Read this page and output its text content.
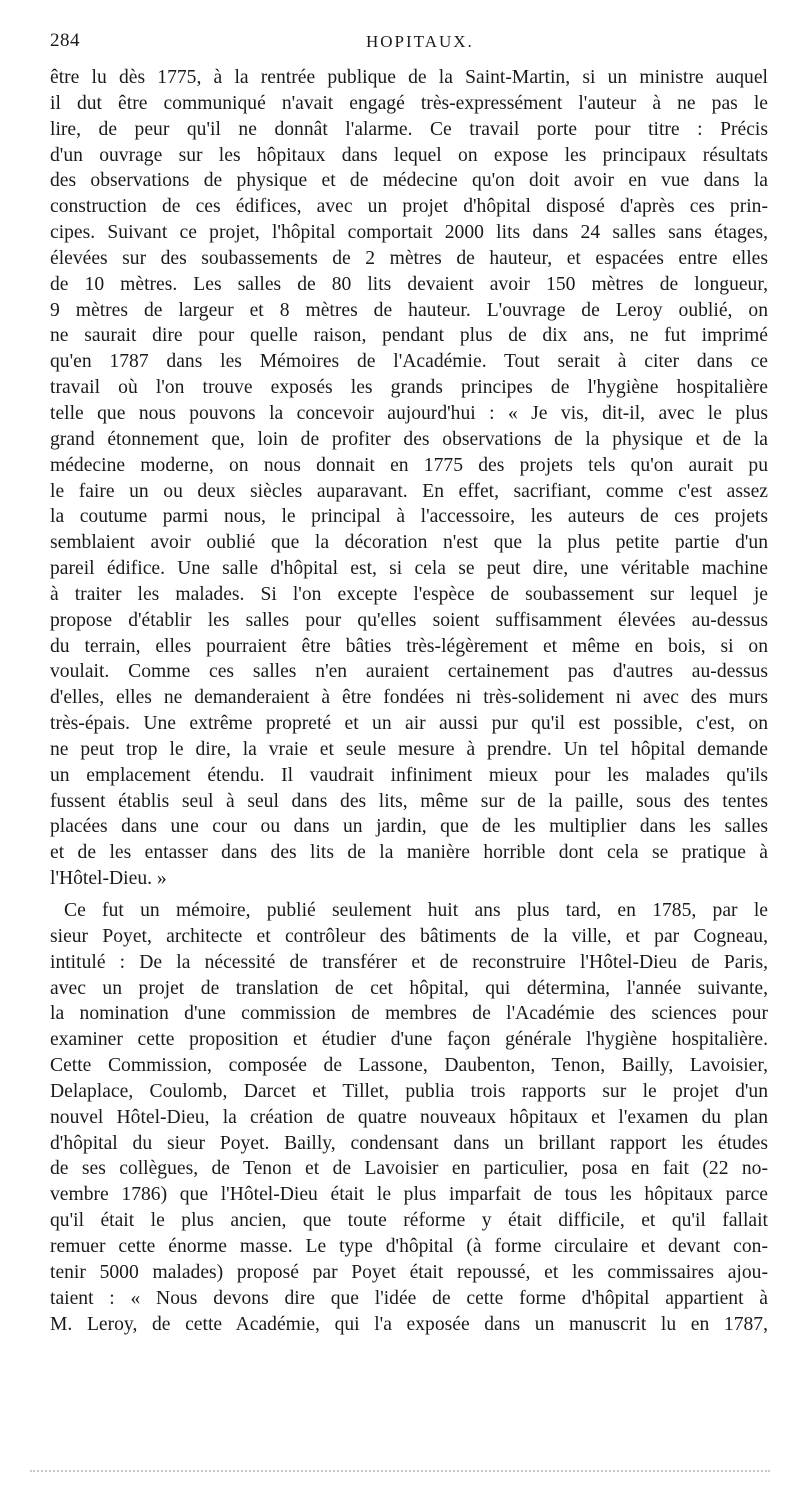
284	HOPITAUX.
être lu dès 1775, à la rentrée publique de la Saint-Martin, si un ministre auquel
il dut être communiqué n'avait engagé très-expressément l'auteur à ne pas le
lire, de peur qu'il ne donnât l'alarme. Ce travail porte pour titre : Précis
d'un ouvrage sur les hôpitaux dans lequel on expose les principaux résultats
des observations de physique et de médecine qu'on doit avoir en vue dans la
construction de ces édifices, avec un projet d'hôpital disposé d'après ces prin-
cipes. Suivant ce projet, l'hôpital comportait 2000 lits dans 24 salles sans étages,
élevées sur des soubassements de 2 mètres de hauteur, et espacées entre elles
de 10 mètres. Les salles de 80 lits devaient avoir 150 mètres de longueur,
9 mètres de largeur et 8 mètres de hauteur. L'ouvrage de Leroy oublié, on
ne saurait dire pour quelle raison, pendant plus de dix ans, ne fut imprimé
qu'en 1787 dans les Mémoires de l'Académie. Tout serait à citer dans ce
travail où l'on trouve exposés les grands principes de l'hygiène hospitalière
telle que nous pouvons la concevoir aujourd'hui : « Je vis, dit-il, avec le plus
grand étonnement que, loin de profiter des observations de la physique et de la
médecine moderne, on nous donnait en 1775 des projets tels qu'on aurait pu
le faire un ou deux siècles auparavant. En effet, sacrifiant, comme c'est assez
la coutume parmi nous, le principal à l'accessoire, les auteurs de ces projets
semblaient avoir oublié que la décoration n'est que la plus petite partie d'un
pareil édifice. Une salle d'hôpital est, si cela se peut dire, une véritable machine
à traiter les malades. Si l'on excepte l'espèce de soubassement sur lequel je
propose d'établir les salles pour qu'elles soient suffisamment élevées au-dessus
du terrain, elles pourraient être bâties très-légèrement et même en bois, si on
voulait. Comme ces salles n'en auraient certainement pas d'autres au-dessus
d'elles, elles ne demanderaient à être fondées ni très-solidement ni avec des murs
très-épais. Une extrême propreté et un air aussi pur qu'il est possible, c'est, on
ne peut trop le dire, la vraie et seule mesure à prendre. Un tel hôpital demande
un emplacement étendu. Il vaudrait infiniment mieux pour les malades qu'ils
fussent établis seul à seul dans des lits, même sur de la paille, sous des tentes
placées dans une cour ou dans un jardin, que de les multiplier dans les salles
et de les entasser dans des lits de la manière horrible dont cela se pratique à
l'Hôtel-Dieu. »
Ce fut un mémoire, publié seulement huit ans plus tard, en 1785, par le
sieur Poyet, architecte et contrôleur des bâtiments de la ville, et par Cogneau,
intitulé : De la nécessité de transférer et de reconstruire l'Hôtel-Dieu de Paris,
avec un projet de translation de cet hôpital, qui détermina, l'année suivante,
la nomination d'une commission de membres de l'Académie des sciences pour
examiner cette proposition et étudier d'une façon générale l'hygiène hospitalière.
Cette Commission, composée de Lassone, Daubenton, Tenon, Bailly, Lavoisier,
Delaplace, Coulomb, Darcet et Tillet, publia trois rapports sur le projet d'un
nouvel Hôtel-Dieu, la création de quatre nouveaux hôpitaux et l'examen du plan
d'hôpital du sieur Poyet. Bailly, condensant dans un brillant rapport les études
de ses collègues, de Tenon et de Lavoisier en particulier, posa en fait (22 no-
vembre 1786) que l'Hôtel-Dieu était le plus imparfait de tous les hôpitaux parce
qu'il était le plus ancien, que toute réforme y était difficile, et qu'il fallait
remuer cette énorme masse. Le type d'hôpital (à forme circulaire et devant con-
tenir 5000 malades) proposé par Poyet était repoussé, et les commissaires ajou-
taient : « Nous devons dire que l'idée de cette forme d'hôpital appartient à
M. Leroy, de cette Académie, qui l'a exposée dans un manuscrit lu en 1787,
